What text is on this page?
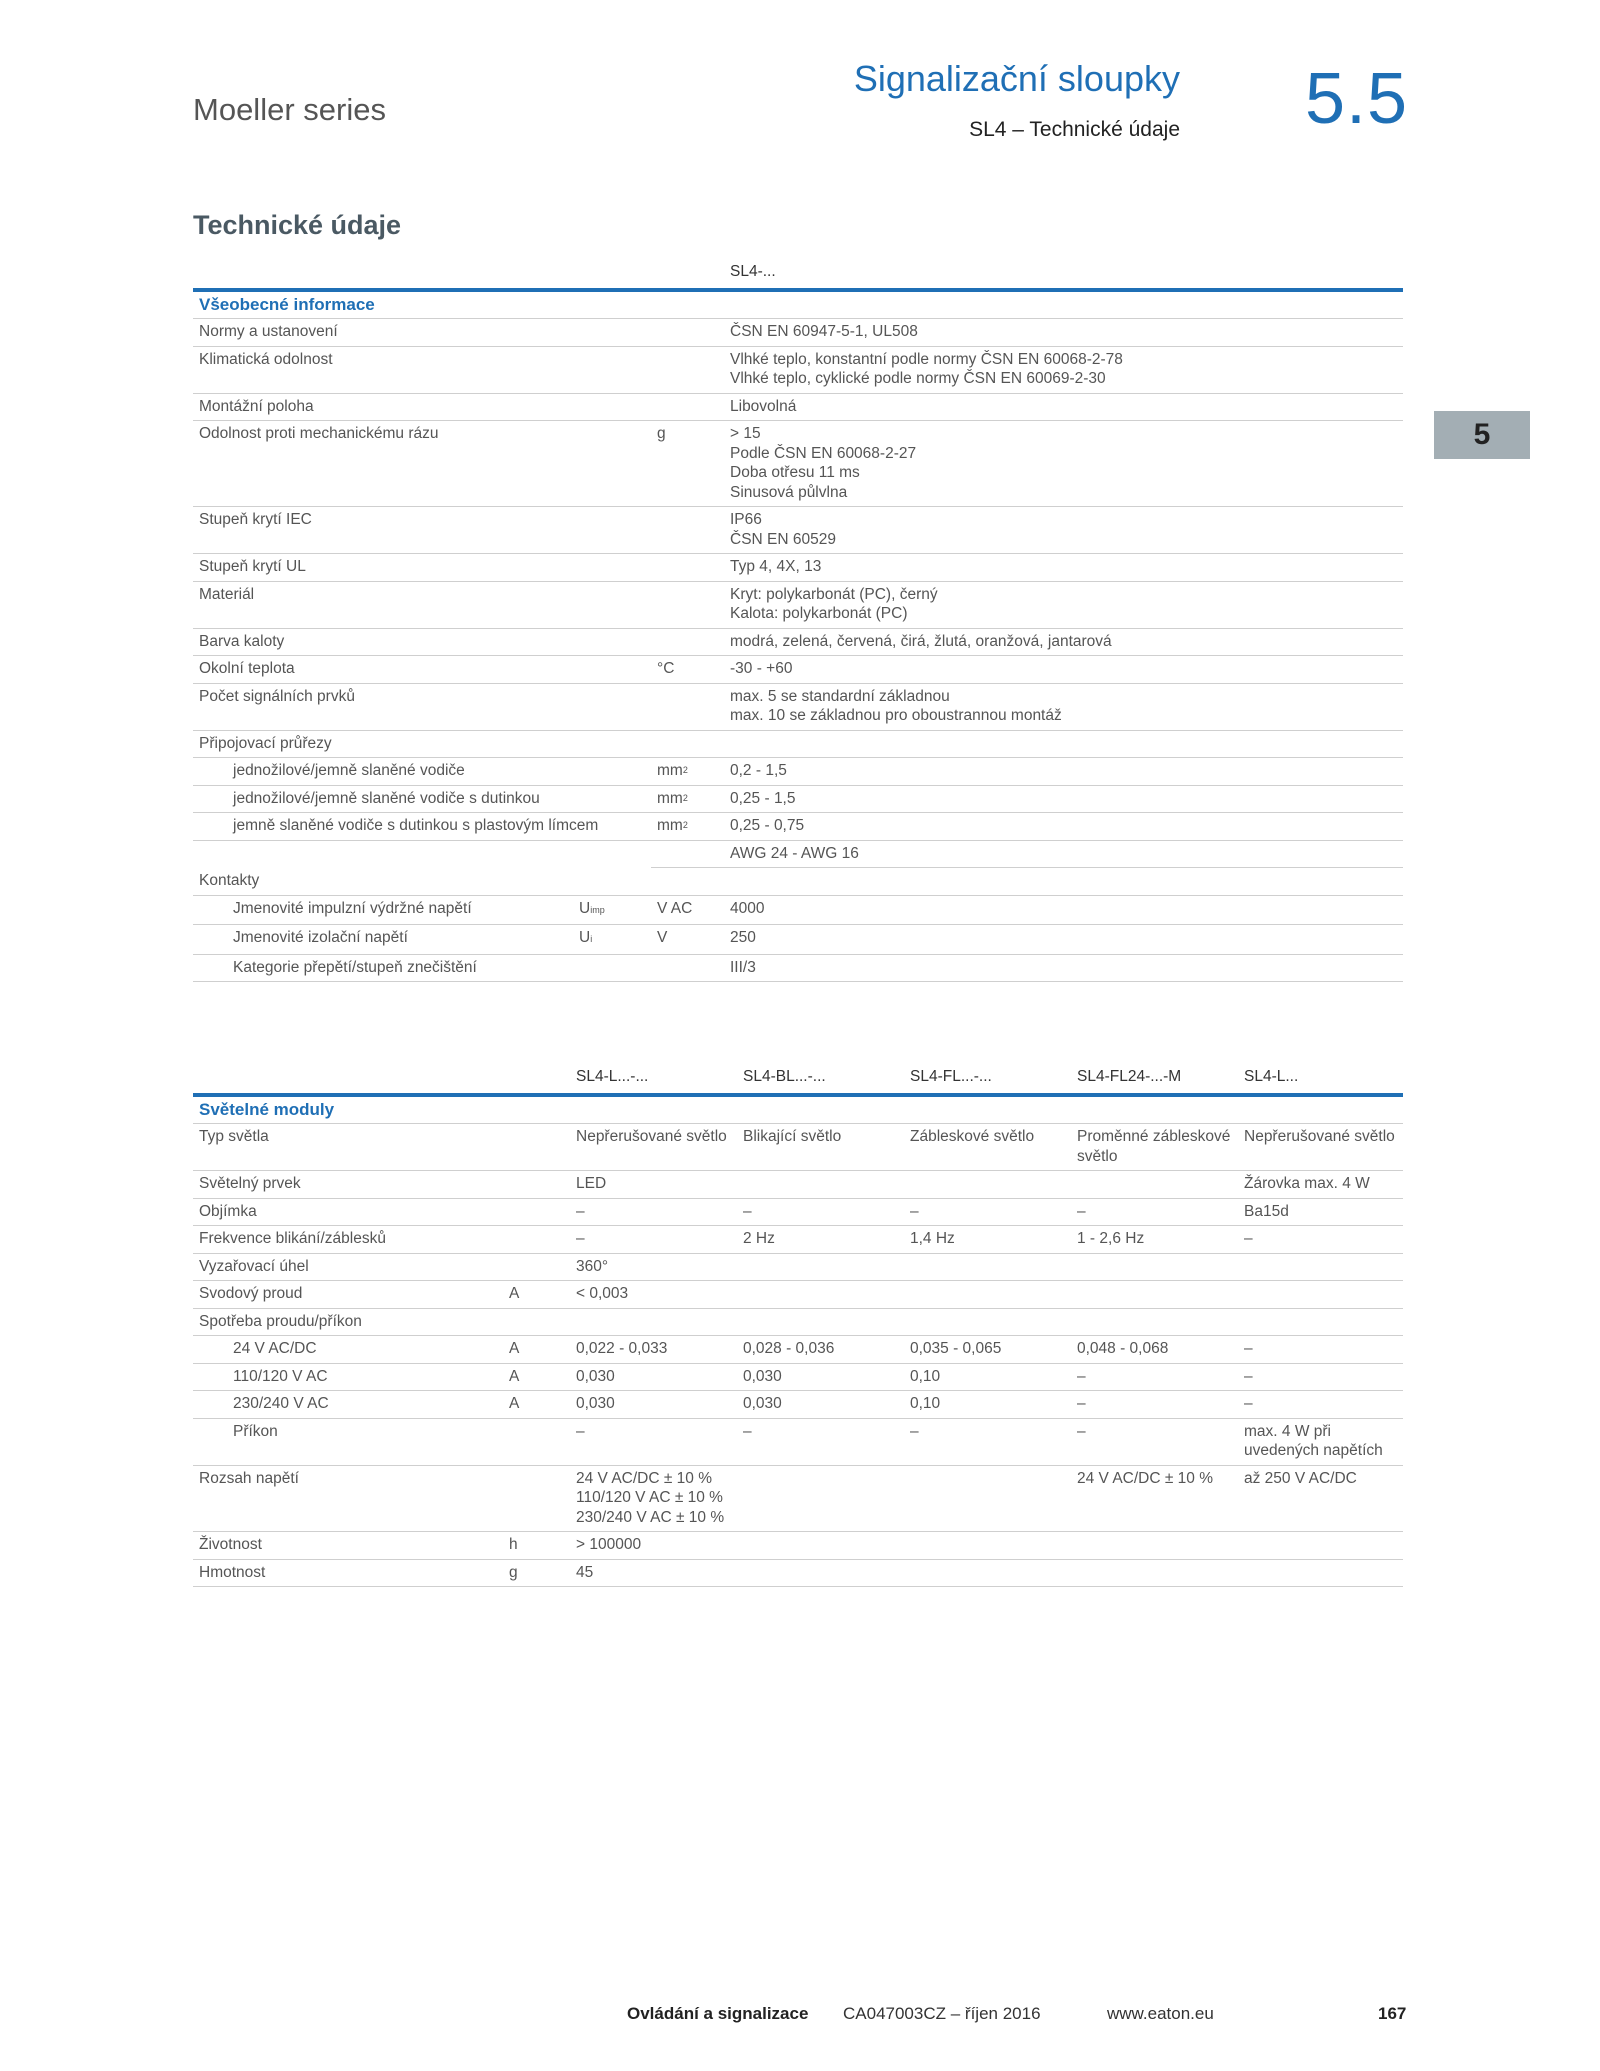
Moeller series
Signalizační sloupky
SL4 – Technické údaje 5.5
5
Technické údaje
		SL4-...
Všeobecné informace		
Normy a ustanovení		ČSN EN 60947-5-1, UL508
Klimatická odolnost		Vlhké teplo, konstantní podle normy ČSN EN 60068-2-78
Vlhké teplo, cyklické podle normy ČSN EN 60069-2-30

Montážní poloha		Libovolná
Odolnost proti mechanickému rázu	g	> 15
Podle ČSN EN 60068-2-27
Doba otřesu 11 ms
Sinusová půlvlna

Stupeň krytí IEC		IP66
ČSN EN 60529

Stupeň krytí UL		Typ 4, 4X, 13
Materiál		Kryt: polykarbonát (PC), černý
Kalota: polykarbonát (PC)

Barva kaloty		modrá, zelená, červená, čirá, žlutá, oranžová, jantarová
Okolní teplota	°C	-30 - +60
Počet signálních prvků		max. 5 se standardní základnou
max. 10 se základnou pro oboustrannou montáž

Připojovací průřezy		
jednožilové/jemně slaněné vodiče	$mm^2$	0,2 - 1,5
jednožilové/jemně slaněné vodiče s dutinkou	$mm^2$	0,25 - 1,5
jemně slaněné vodiče s dutinkou s plastovým límcem	$mm^2$	0,25 - 0,75
		AWG 24 - AWG 16
Kontakty		

Jmenovité impulzní výdržné napětí Uimp	V AC	4000

Jmenovité izolační napětí Ui	V	250
Kategorie přepětí/stupeň znečištění		III/3
		SL4-L...-...	SL4-BL...-...	SL4-FL...-...	SL4-FL24-...-M	SL4-L...
Světelné moduly						
Typ světla		Nepřerušované světlo	Blikající světlo	Zábleskové světlo	Proměnné zábleskové
světlo	Nepřerušované světlo
Světelný prvek		LED				Žárovka max. 4 W
Objímka		–	–	–	–	Ba15d
Frekvence blikání/záblesků		–	2 Hz	1,4 Hz	1 - 2,6 Hz	–
Vyzařovací úhel		360°				
Svodový proud	A	< 0,003				
Spotřeba proudu/příkon						
24 V AC/DC	A	0,022 - 0,033	0,028 - 0,036	0,035 - 0,065	0,048 - 0,068	–
110/120 V AC	A	0,030	0,030	0,10	–	–
230/240 V AC	A	0,030	0,030	0,10	–	–
Příkon		–	–	–	–	max. 4 W při
uvedených napětích

Rozsah napětí		24 V AC/DC ± 10 %
110/120 V AC ± 10 %
230/240 V AC ± 10 %			24 V AC/DC ± 10 %	až 250 V AC/DC
Životnost	h	> 100000				
Hmotnost	g	45				
Ovládání a signalizace CA047003CZ – říjen 2016	www.eaton.eu	167
